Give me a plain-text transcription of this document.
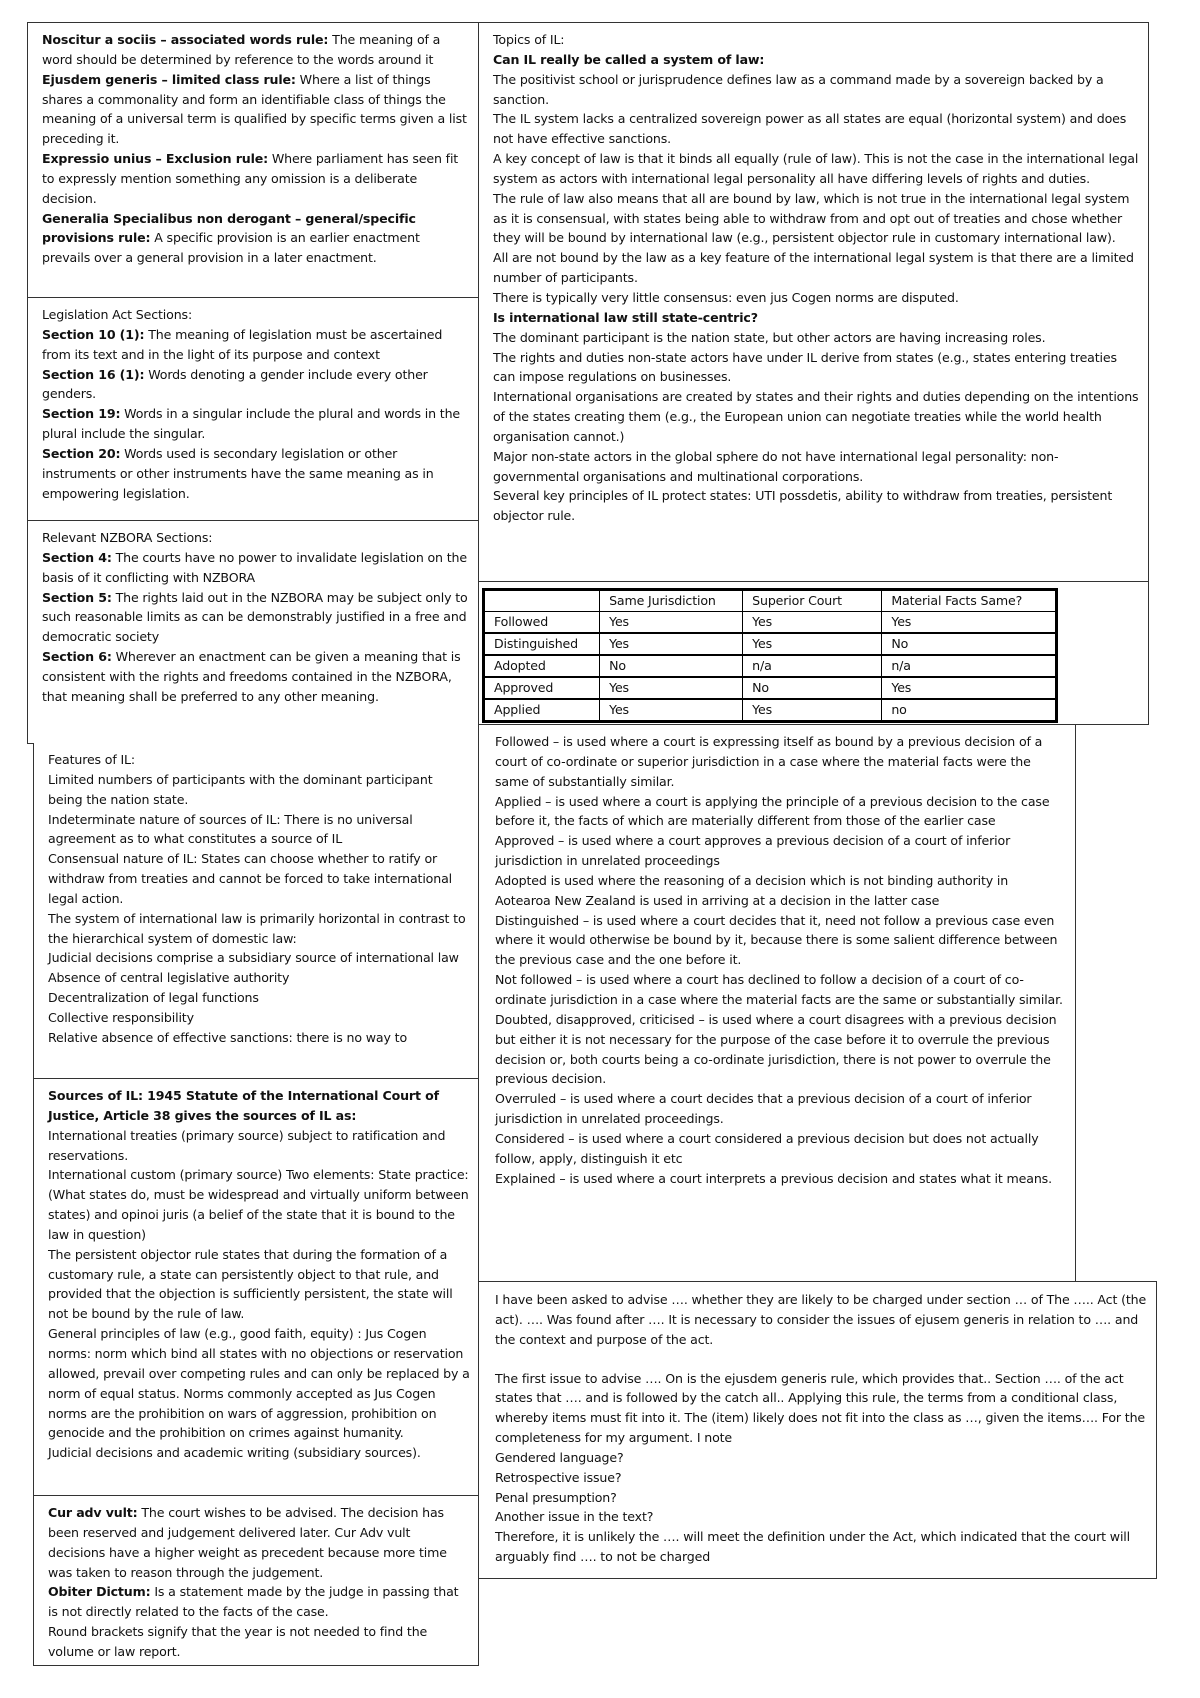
Noscitur a sociis – associated words rule: The meaning of a word should be determined by reference to the words around it

Ejusdem generis – limited class rule: Where a list of things shares a commonality and form an identifiable class of things the meaning of a universal term is qualified by specific terms given a list preceding it.

Expressio unius – Exclusion rule: Where parliament has seen fit to expressly mention something any omission is a deliberate decision.

Generalia Specialibus non derogant – general/specific provisions rule: A specific provision is an earlier enactment prevails over a general provision in a later enactment.

Legislation Act Sections:

Section 10 (1): The meaning of legislation must be ascertained from its text and in the light of its purpose and context

Section 16 (1): Words denoting a gender include every other genders.

Section 19: Words in a singular include the plural and words in the plural include the singular.

Section 20: Words used is secondary legislation or other instruments or other instruments have the same meaning as in empowering legislation.

Relevant NZBORA Sections:

Section 4: The courts have no power to invalidate legislation on the basis of it conflicting with NZBORA

Section 5: The rights laid out in the NZBORA may be subject only to such reasonable limits as can be demonstrably justified in a free and democratic society

Section 6: Wherever an enactment can be given a meaning that is consistent with the rights and freedoms contained in the NZBORA, that meaning shall be preferred to any other meaning.

Features of IL:

Limited numbers of participants with the dominant participant being the nation state.

Indeterminate nature of sources of IL: There is no universal agreement as to what constitutes a source of IL

Consensual nature of IL: States can choose whether to ratify or withdraw from treaties and cannot be forced to take international legal action.

The system of international law is primarily horizontal in contrast to the hierarchical system of domestic law:

Judicial decisions comprise a subsidiary source of international law

Absence of central legislative authority

Decentralization of legal functions

Collective responsibility

Relative absence of effective sanctions: there is no way to

Sources of IL: 1945 Statute of the International Court of Justice, Article 38 gives the sources of IL as:

International treaties (primary source) subject to ratification and reservations.

International custom (primary source) Two elements: State practice: (What states do, must be widespread and virtually uniform between states) and opinoi juris (a belief of the state that it is bound to the law in question)

The persistent objector rule states that during the formation of a customary rule, a state can persistently object to that rule, and provided that the objection is sufficiently persistent, the state will not be bound by the rule of law.

General principles of law (e.g., good faith, equity) : Jus Cogen norms: norm which bind all states with no objections or reservation allowed, prevail over competing rules and can only be replaced by a norm of equal status. Norms commonly accepted as Jus Cogen norms are the prohibition on wars of aggression, prohibition on genocide and the prohibition on crimes against humanity.

Judicial decisions and academic writing (subsidiary sources).

Cur adv vult: The court wishes to be advised. The decision has been reserved and judgement delivered later. Cur Adv vult decisions have a higher weight as precedent because more time was taken to reason through the judgement.

Obiter Dictum: Is a statement made by the judge in passing that is not directly related to the facts of the case.

Round brackets signify that the year is not needed to find the volume or law report.

Topics of IL:

Can IL really be called a system of law:

The positivist school or jurisprudence defines law as a command made by a sovereign backed by a sanction.

The IL system lacks a centralized sovereign power as all states are equal (horizontal system) and does not have effective sanctions.

A key concept of law is that it binds all equally (rule of law). This is not the case in the international legal system as actors with international legal personality all have differing levels of rights and duties.

The rule of law also means that all are bound by law, which is not true in the international legal system as it is consensual, with states being able to withdraw from and opt out of treaties and chose whether they will be bound by international law (e.g., persistent objector rule in customary international law).

All are not bound by the law as a key feature of the international legal system is that there are a limited number of participants.

There is typically very little consensus: even jus Cogen norms are disputed.

Is international law still state-centric?

The dominant participant is the nation state, but other actors are having increasing roles.

The rights and duties non-state actors have under IL derive from states (e.g., states entering treaties can impose regulations on businesses.

International organisations are created by states and their rights and duties depending on the intentions of the states creating them (e.g., the European union can negotiate treaties while the world health organisation cannot.)

Major non-state actors in the global sphere do not have international legal personality: non-governmental organisations and multinational corporations.

Several key principles of IL protect states: UTI possdetis, ability to withdraw from treaties, persistent objector rule.

	Same Jurisdiction	Superior Court	Material Facts Same?
Followed	Yes	Yes	Yes
Distinguished	Yes	Yes	No
Adopted	No	n/a	n/a
Approved	Yes	No	Yes
Applied	Yes	Yes	no

Followed – is used where a court is expressing itself as bound by a previous decision of a court of co-ordinate or superior jurisdiction in a case where the material facts were the same of substantially similar.

Applied – is used where a court is applying the principle of a previous decision to the case before it, the facts of which are materially different from those of the earlier case

Approved – is used where a court approves a previous decision of a court of inferior jurisdiction in unrelated proceedings

Adopted is used where the reasoning of a decision which is not binding authority in Aotearoa New Zealand is used in arriving at a decision in the latter case

Distinguished – is used where a court decides that it, need not follow a previous case even where it would otherwise be bound by it, because there is some salient difference between the previous case and the one before it.

Not followed – is used where a court has declined to follow a decision of a court of co-ordinate jurisdiction in a case where the material facts are the same or substantially similar.

Doubted, disapproved, criticised – is used where a court disagrees with a previous decision but either it is not necessary for the purpose of the case before it to overrule the previous decision or, both courts being a co-ordinate jurisdiction, there is not power to overrule the previous decision.

Overruled – is used where a court decides that a previous decision of a court of inferior jurisdiction in unrelated proceedings.

Considered – is used where a court considered a previous decision but does not actually follow, apply, distinguish it etc

Explained – is used where a court interprets a previous decision and states what it means.

I have been asked to advise …. whether they are likely to be charged under section … of The ….. Act (the act). …. Was found after …. It is necessary to consider the issues of ejusem generis in relation to …. and the context and purpose of the act.

The first issue to advise …. On is the ejusdem generis rule, which provides that.. Section …. of the act states that …. and is followed by the catch all.. Applying this rule, the terms from a conditional class, whereby items must fit into it. The (item) likely does not fit into the class as …, given the items…. For the completeness for my argument. I note

Gendered language?

Retrospective issue?

Penal presumption?

Another issue in the text?

Therefore, it is unlikely the …. will meet the definition under the Act, which indicated that the court will arguably find …. to not be charged
